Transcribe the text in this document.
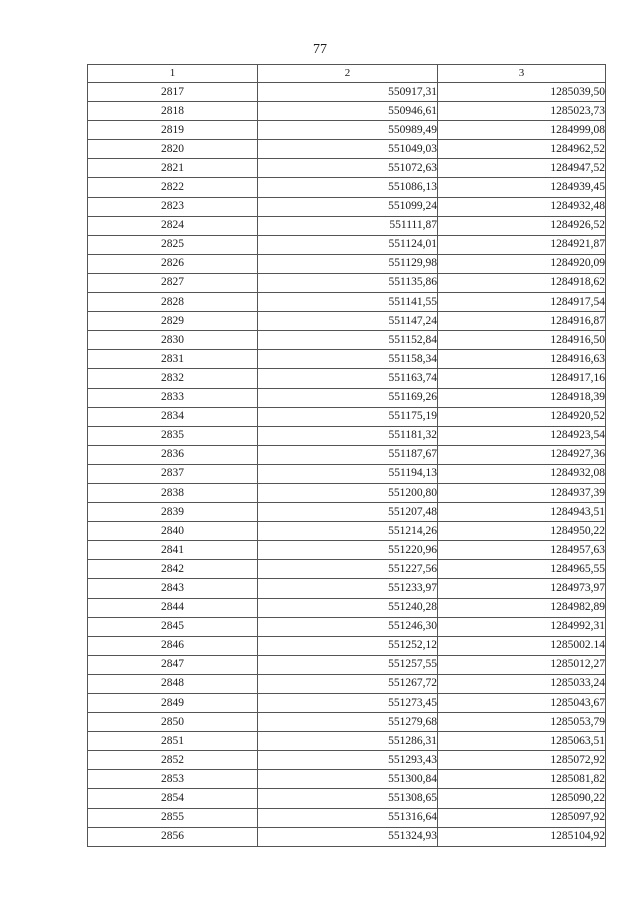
77
1	2	3
2817	550917,31	1285039,50
2818	550946,61	1285023,73
2819	550989,49	1284999,08
2820	551049,03	1284962,52
2821	551072,63	1284947,52
2822	551086,13	1284939,45
2823	551099,24	1284932,48
2824	551111,87	1284926,52
2825	551124,01	1284921,87
2826	551129,98	1284920,09
2827	551135,86	1284918,62
2828	551141,55	1284917,54
2829	551147,24	1284916,87
2830	551152,84	1284916,50
2831	551158,34	1284916,63
2832	551163,74	1284917,16
2833	551169,26	1284918,39
2834	551175,19	1284920,52
2835	551181,32	1284923,54
2836	551187,67	1284927,36
2837	551194,13	1284932,08
2838	551200,80	1284937,39
2839	551207,48	1284943,51
2840	551214,26	1284950,22
2841	551220,96	1284957,63
2842	551227,56	1284965,55
2843	551233,97	1284973,97
2844	551240,28	1284982,89
2845	551246,30	1284992,31
2846	551252,12	1285002.14
2847	551257,55	1285012,27
2848	551267,72	1285033,24
2849	551273,45	1285043,67
2850	551279,68	1285053,79
2851	551286,31	1285063,51
2852	551293,43	1285072,92
2853	551300,84	1285081,82
2854	551308,65	1285090,22
2855	551316,64	1285097,92
2856	551324,93	1285104,92
